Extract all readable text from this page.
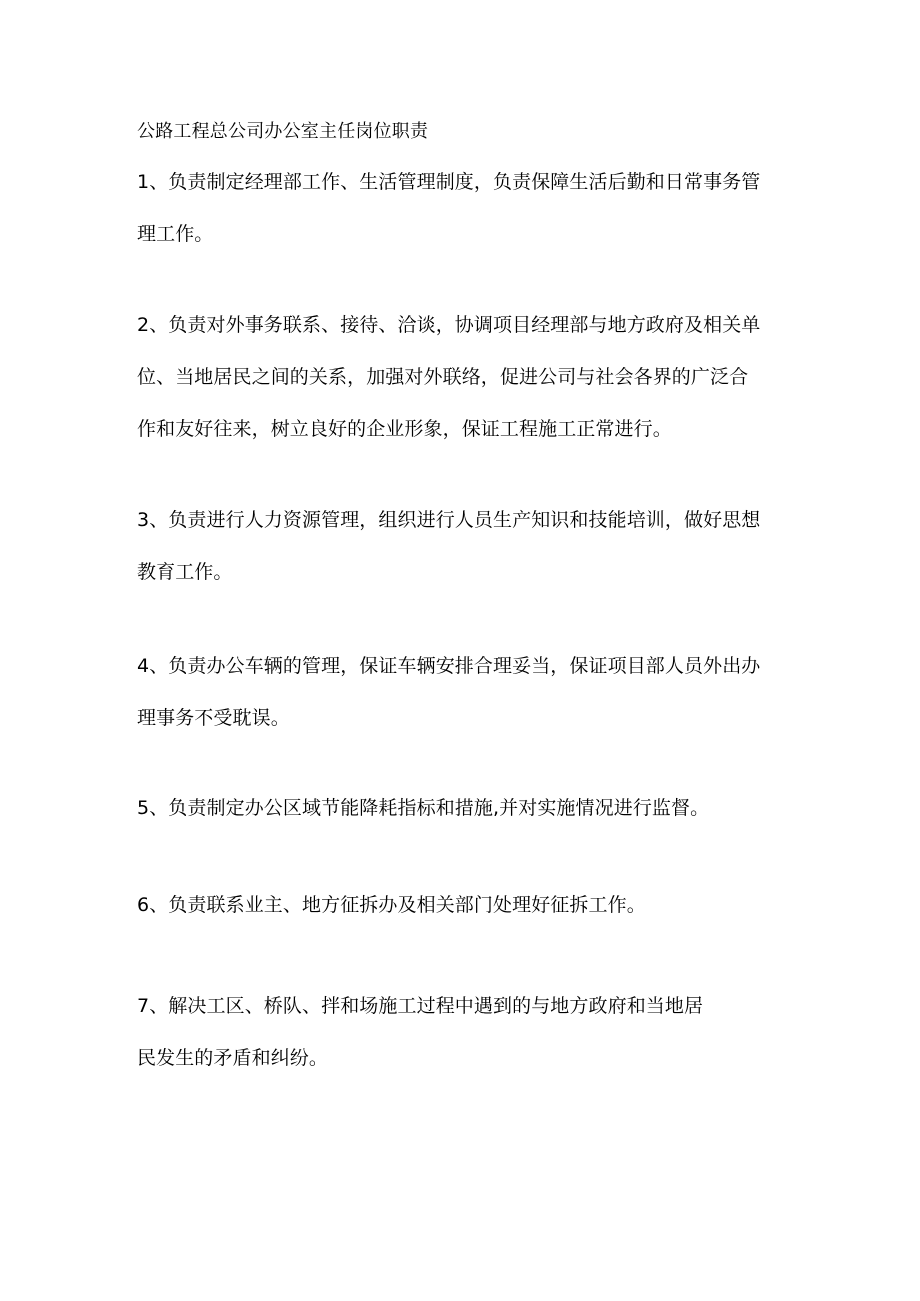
公路工程总公司办公室主任岗位职责
1、负责制定经理部工作、生活管理制度，负责保障生活后勤和日常事务管
理工作。
2、负责对外事务联系、接待、洽谈，协调项目经理部与地方政府及相关单
位、当地居民之间的关系，加强对外联络，促进公司与社会各界的广泛合
作和友好往来，树立良好的企业形象，保证工程施工正常进行。
3、负责进行人力资源管理，组织进行人员生产知识和技能培训，做好思想
教育工作。
4、负责办公车辆的管理，保证车辆安排合理妥当，保证项目部人员外出办
理事务不受耽误。
5、负责制定办公区域节能降耗指标和措施,并对实施情况进行监督。
6、负责联系业主、地方征拆办及相关部门处理好征拆工作。
7、解决工区、桥队、拌和场施工过程中遇到的与地方政府和当地居
民发生的矛盾和纠纷。
